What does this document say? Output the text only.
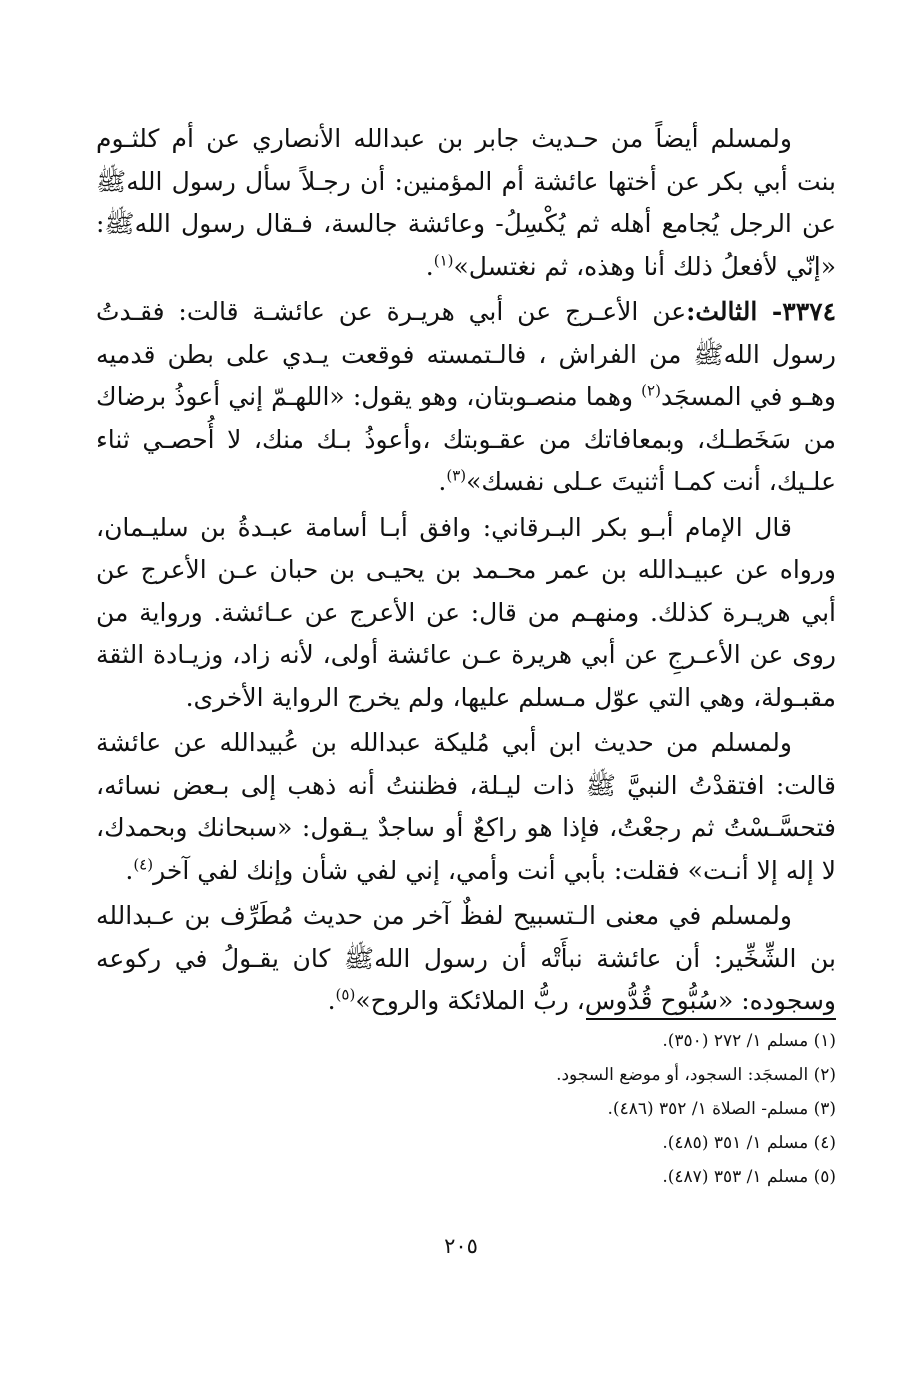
ولمسلم أيضاً من حـديث جابر بن عبدالله الأنصاري عن أم كلثـوم بنت أبي بكر عن أختها عائشة أم المؤمنين: أن رجـلاً سأل رسول اللهﷺ عن الرجل يُجامع أهله ثم يُكْسِلُ- وعائشة جالسة، فـقال رسول اللهﷺ: «إنّي لأفعلُ ذلك أنا وهذه، ثم نغتسل»$^{(١)}$.

٣٣٧٤- الثالث:عن الأعـرج عن أبي هريـرة عن عائشـة قالت: فقـدتُ رسول اللهﷺ من الفراش ، فالـتمسته فوقعت يـدي على بطن قدميه وهـو في المسجَد$^{(٢)}$ وهما منصـوبتان، وهو يقول: «اللهـمّ إني أعوذُ برضاك من سَخَطـك، وبمعافاتك من عقـوبتك ،وأعوذُ بـك منك، لا أُحصـي ثناء علـيك، أنت كمـا أثنيتَ عـلى نفسك»$^{(٣)}$.

قال الإمام أبـو بكر البـرقاني: وافق أبـا أسامة عبـدةُ بن سليـمان، ورواه عن عبيـدالله بن عمر محـمد بن يحيـى بن حبان عـن الأعرج عن أبي هريـرة كذلك. ومنهـم من قال: عن الأعرج عن عـائشة. ورواية من روى عن الأعـرجِ عن أبي هريرة عـن عائشة أولى، لأنه زاد، وزيـادة الثقة مقبـولة، وهي التي عوّل مـسلم عليها، ولم يخرج الرواية الأخرى.

ولمسلم من حديث ابن أبي مُليكة عبدالله بن عُبيدالله عن عائشة قالت: افتقدْتُ النبيَّ ﷺ ذات ليـلة، فظننتُ أنه ذهب إلى بـعض نسائه، فتحسَّـسْتُ ثم رجعْتُ، فإذا هو راكعٌ أو ساجدٌ يـقول: «سبحانك وبحمدك، لا إله إلا أنـت» فقلت: بأبي أنت وأمي، إني لفي شأن وإنك لفي آخر$^{(٤)}$.

ولمسلم في معنى الـتسبيح لفظٌ آخر من حديث مُطَرِّف بن عـبدالله بن الشِّخِّير: أن عائشة نبأَتْه أن رسول اللهﷺ كان يقـولُ في ركوعه وسجوده: «سُبُّوح قُدُّوس، ربُّ الملائكة والروح»$^{(٥)}$.

(١) مسلم ١/ ٢٧٢ (٣٥٠).

(٢) المسجَد: السجود، أو موضع السجود.

(٣) مسلم- الصلاة ١/ ٣٥٢ (٤٨٦).

(٤) مسلم ١/ ٣٥١ (٤٨٥).

(٥) مسلم ١/ ٣٥٣ (٤٨٧).

٢٠٥
